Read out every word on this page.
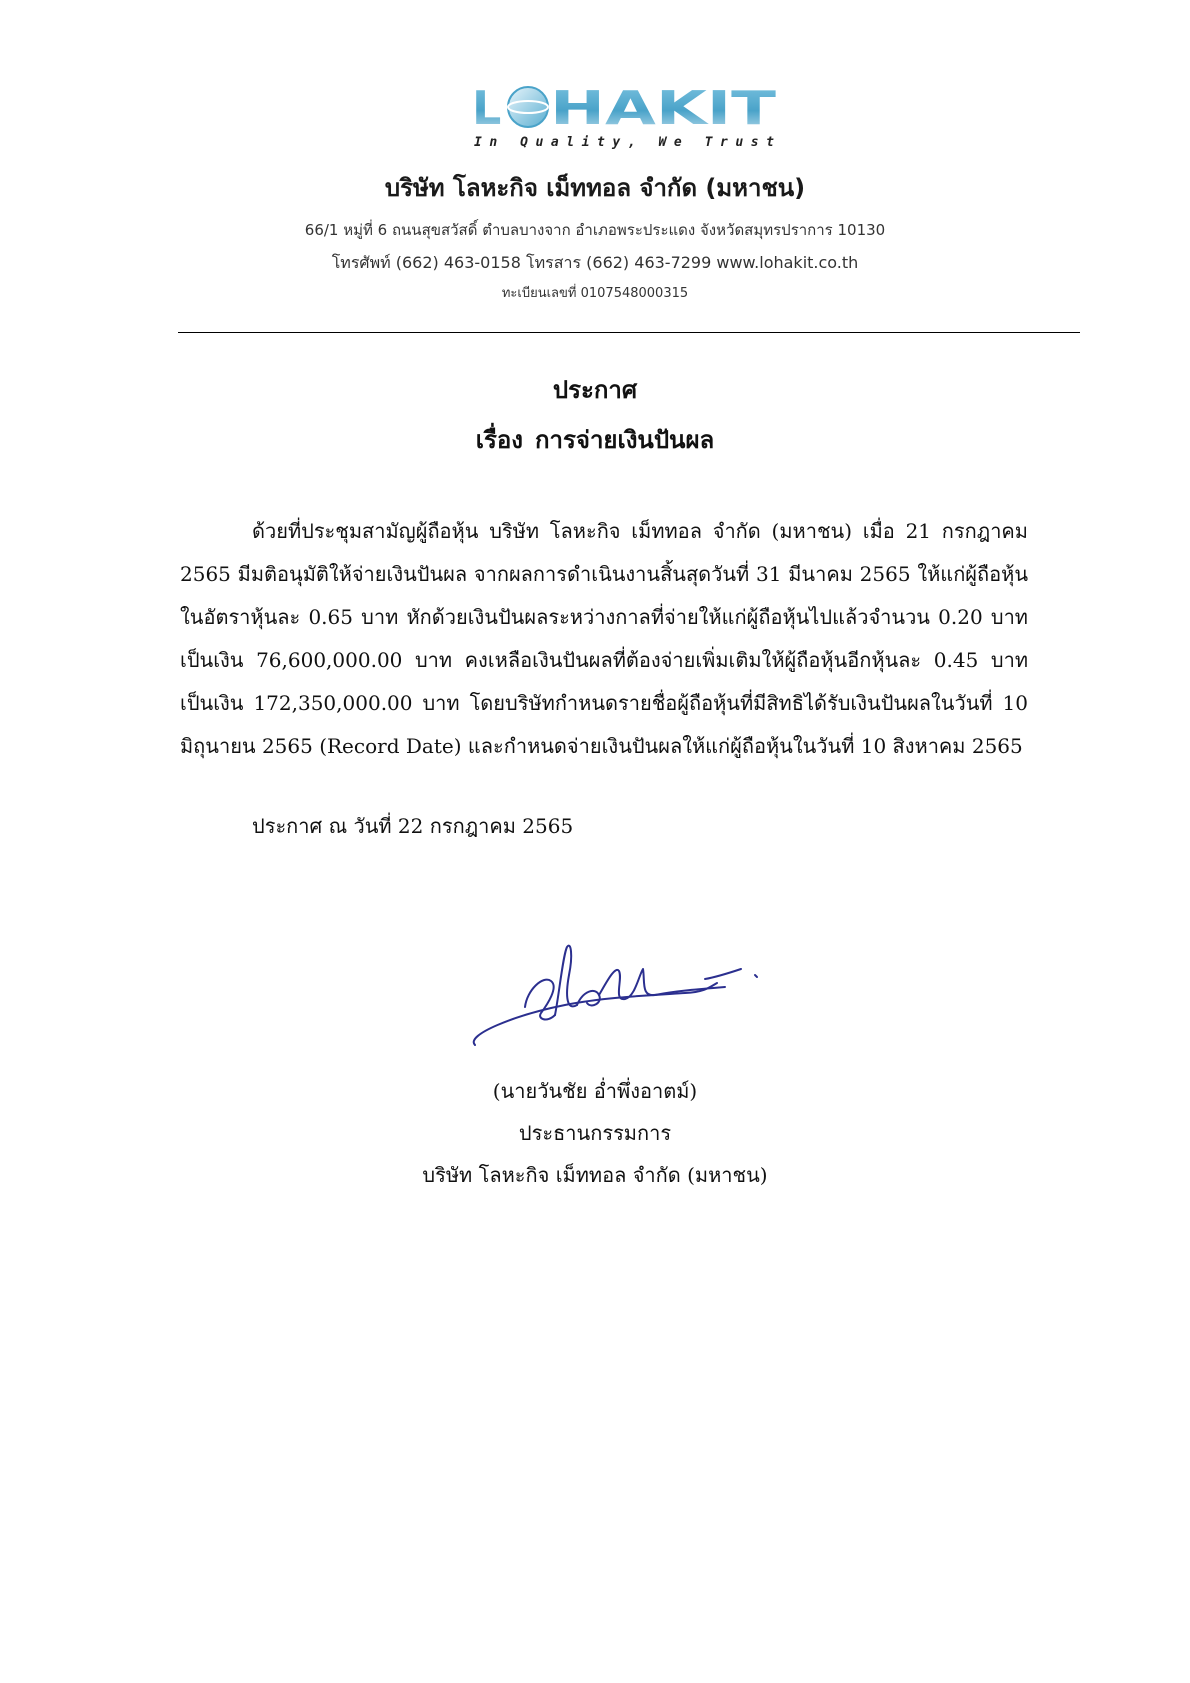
L HAKIT
In Quality, We Trust
บริษัท โลหะกิจ เม็ททอล จำกัด (มหาชน)
66/1 หมู่ที่ 6 ถนนสุขสวัสดิ์ ตำบลบางจาก อำเภอพระประแดง จังหวัดสมุทรปราการ 10130
โทรศัพท์ (662) 463-0158 โทรสาร (662) 463-7299 www.lohakit.co.th
ทะเบียนเลขที่ 0107548000315
ประกาศ
เรื่อง การจ่ายเงินปันผล
ด้วยที่ประชุมสามัญผู้ถือหุ้น บริษัท โลหะกิจ เม็ททอล จำกัด (มหาชน) เมื่อ 21 กรกฎาคม 2565 มีมติอนุมัติให้จ่ายเงินปันผล จากผลการดำเนินงานสิ้นสุดวันที่ 31 มีนาคม 2565 ให้แก่ผู้ถือหุ้นในอัตราหุ้นละ 0.65 บาท หักด้วยเงินปันผลระหว่างกาลที่จ่ายให้แก่ผู้ถือหุ้นไปแล้วจำนวน 0.20 บาท เป็นเงิน 76,600,000.00 บาท คงเหลือเงินปันผลที่ต้องจ่ายเพิ่มเติมให้ผู้ถือหุ้นอีกหุ้นละ 0.45 บาท เป็นเงิน 172,350,000.00 บาท โดยบริษัทกำหนดรายชื่อผู้ถือหุ้นที่มีสิทธิได้รับเงินปันผลในวันที่ 10 มิถุนายน 2565 (Record Date) และกำหนดจ่ายเงินปันผลให้แก่ผู้ถือหุ้นในวันที่ 10 สิงหาคม 2565
ประกาศ ณ วันที่ 22 กรกฎาคม 2565
(นายวันชัย อ่ำพึ่งอาตม์)
ประธานกรรมการ
บริษัท โลหะกิจ เม็ททอล จำกัด (มหาชน)
